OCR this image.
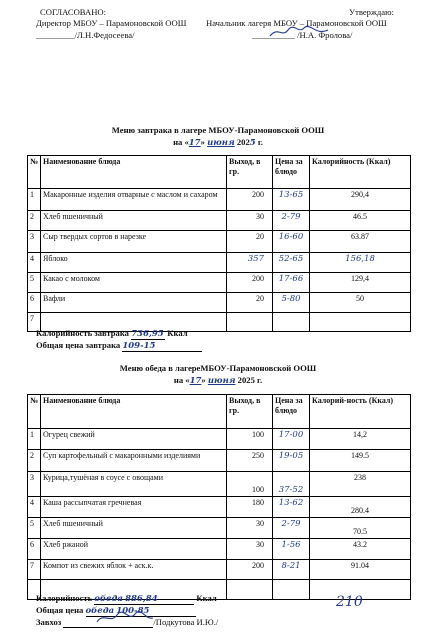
СОГЛАСОВАНО:
Директор МБОУ – Парамоновской ООШ
_________/Л.Н.Федосеева/
Утверждаю:
Начальник лагеря МБОУ – Парамоновской ООШ
__________ /Н.А. Фролова/
Меню завтрака в лагере МБОУ-Парамоновской ООШ
на «17» июня 2025 г.
№	Наименование блюда	Выход, в гр.	Цена за блюдо	Калорийность (Ккал)
1	Макаронные изделия отварные с маслом и сахаром	200	13-65	290,4
2	Хлеб пшеничный	30	2-79	46.5
3	Сыр твердых сортов в нарезке	20	16-60	63.87
4	Яблоко	357	52-65	156,18
5	Какао с молоком	200	17-66	129,4
6	Вафли	20	5-80	50
7				
Калорийность завтрака 736,95 Ккал
Общая цена завтрака 109-15
Меню обеда в лагереМБОУ-Парамоновской ООШ
на «17» июня 2025 г.
№	Наименование блюда	Выход, в гр.	Цена за блюдо	Калорий-ность (Ккал)
1	Огурец свежий	100	17-00	14,2
2	Суп картофельный с макаронными изделиями	250	19-05	149.5
3	Курица,тушёная в соусе с овощами	100	37-52	238
4	Каша рассыпчатая гречневая	180	13-62	280.4
5	Хлеб пшеничный	30	2-79	70.5
6	Хлеб ржаной	30	1-56	43.2
7	Компот из свежих яблок + аск.к.	200	8-21	91.04

Калорийность обеда 886,84	Ккал
Общая цена обеда 100-85
Завхоз	/Подкутова И.Ю./
210
